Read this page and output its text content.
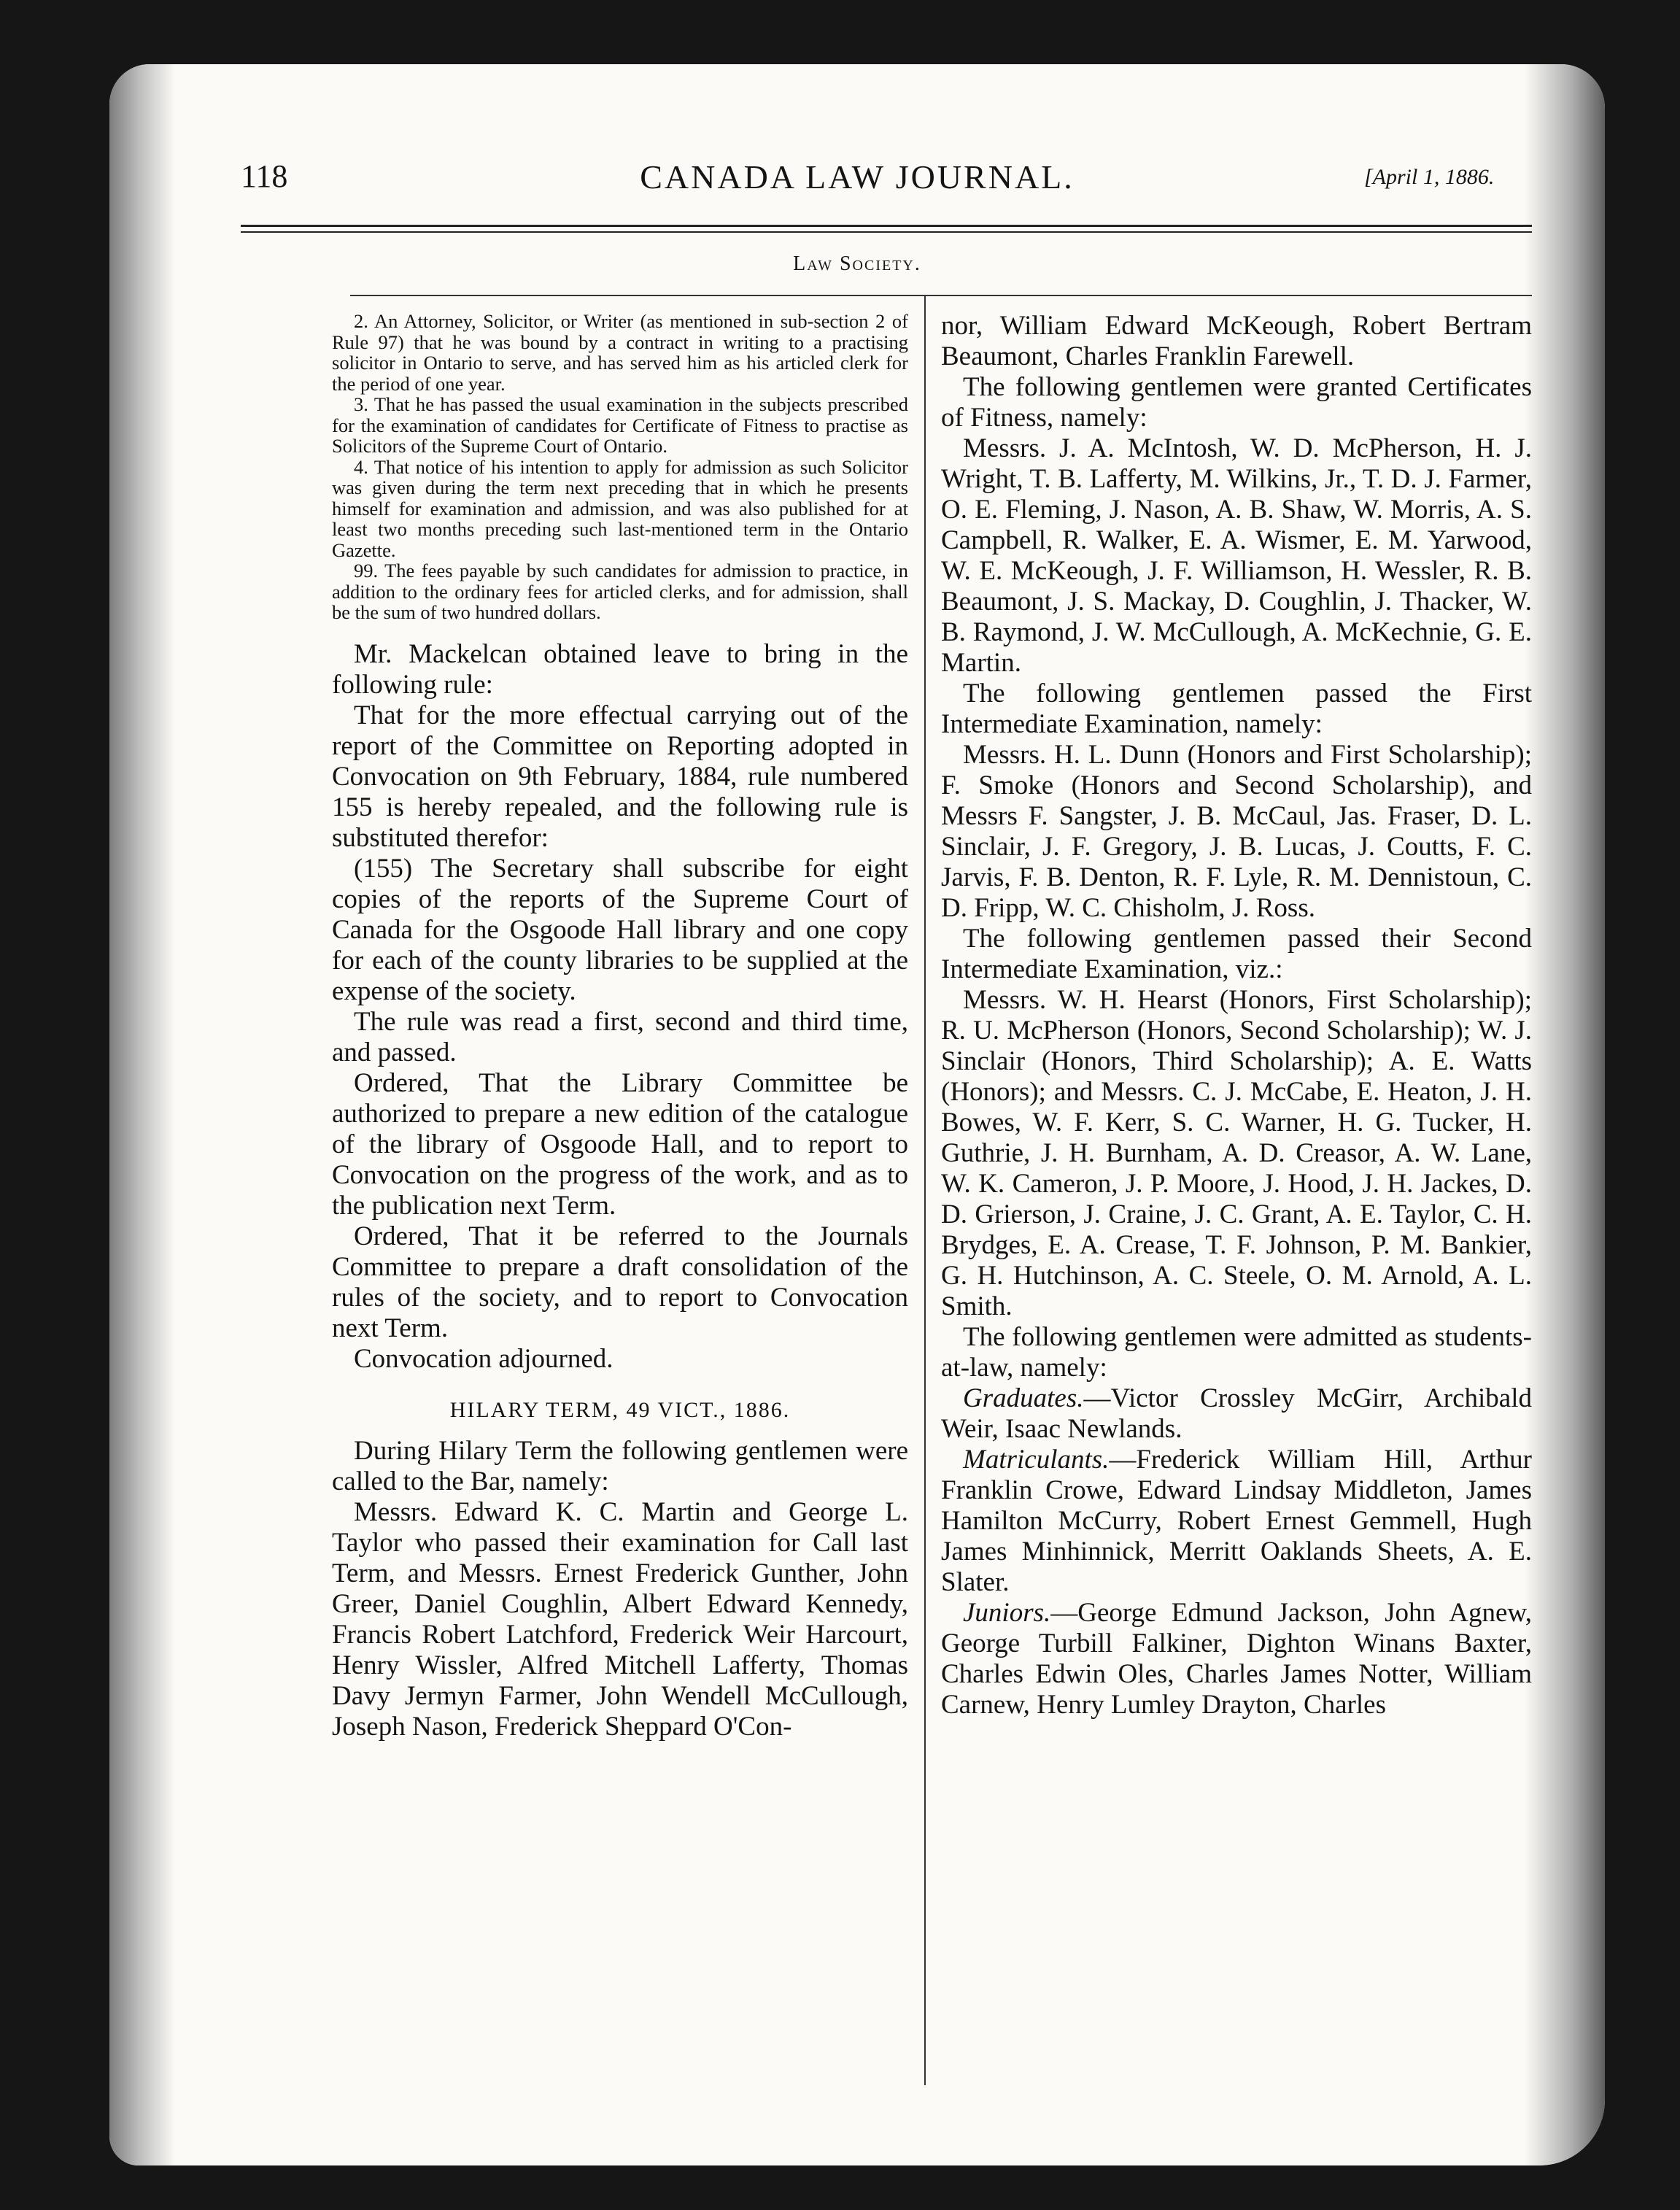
118	CANADA LAW JOURNAL.	[April 1, 1886.
Law Society.

2. An Attorney, Solicitor, or Writer (as mentioned in sub-section 2 of Rule 97) that he was bound by a contract in writing to a practising solicitor in Ontario to serve, and has served him as his articled clerk for the period of one year.

3. That he has passed the usual examination in the subjects prescribed for the examination of candidates for Certificate of Fitness to practise as Solicitors of the Supreme Court of Ontario.

4. That notice of his intention to apply for admission as such Solicitor was given during the term next preceding that in which he presents himself for examination and admission, and was also published for at least two months preceding such last-mentioned term in the Ontario Gazette.

99. The fees payable by such candidates for admission to practice, in addition to the ordinary fees for articled clerks, and for admission, shall be the sum of two hundred dollars.

Mr. Mackelcan obtained leave to bring in the following rule:

That for the more effectual carrying out of the report of the Committee on Reporting adopted in Convocation on 9th February, 1884, rule numbered 155 is hereby repealed, and the following rule is substituted therefor:

(155) The Secretary shall subscribe for eight copies of the reports of the Supreme Court of Canada for the Osgoode Hall library and one copy for each of the county libraries to be supplied at the expense of the society.

The rule was read a first, second and third time, and passed.

Ordered, That the Library Committee be authorized to prepare a new edition of the catalogue of the library of Osgoode Hall, and to report to Convocation on the progress of the work, and as to the publication next Term.

Ordered, That it be referred to the Journals Committee to prepare a draft consolidation of the rules of the society, and to report to Convocation next Term.

Convocation adjourned.

HILARY TERM, 49 VICT., 1886.

During Hilary Term the following gentlemen were called to the Bar, namely:

Messrs. Edward K. C. Martin and George L. Taylor who passed their examination for Call last Term, and Messrs. Ernest Frederick Gunther, John Greer, Daniel Coughlin, Albert Edward Kennedy, Francis Robert Latchford, Frederick Weir Harcourt, Henry Wissler, Alfred Mitchell Lafferty, Thomas Davy Jermyn Farmer, John Wendell McCullough, Joseph Nason, Frederick Sheppard O'Con-

nor, William Edward McKeough, Robert Bertram Beaumont, Charles Franklin Farewell.

The following gentlemen were granted Certificates of Fitness, namely:

Messrs. J. A. McIntosh, W. D. McPherson, H. J. Wright, T. B. Lafferty, M. Wilkins, Jr., T. D. J. Farmer, O. E. Fleming, J. Nason, A. B. Shaw, W. Morris, A. S. Campbell, R. Walker, E. A. Wismer, E. M. Yarwood, W. E. McKeough, J. F. Williamson, H. Wessler, R. B. Beaumont, J. S. Mackay, D. Coughlin, J. Thacker, W. B. Raymond, J. W. McCullough, A. McKechnie, G. E. Martin.

The following gentlemen passed the First Intermediate Examination, namely:

Messrs. H. L. Dunn (Honors and First Scholarship); F. Smoke (Honors and Second Scholarship), and Messrs F. Sangster, J. B. McCaul, Jas. Fraser, D. L. Sinclair, J. F. Gregory, J. B. Lucas, J. Coutts, F. C. Jarvis, F. B. Denton, R. F. Lyle, R. M. Dennistoun, C. D. Fripp, W. C. Chisholm, J. Ross.

The following gentlemen passed their Second Intermediate Examination, viz.:

Messrs. W. H. Hearst (Honors, First Scholarship); R. U. McPherson (Honors, Second Scholarship); W. J. Sinclair (Honors, Third Scholarship); A. E. Watts (Honors); and Messrs. C. J. McCabe, E. Heaton, J. H. Bowes, W. F. Kerr, S. C. Warner, H. G. Tucker, H. Guthrie, J. H. Burnham, A. D. Creasor, A. W. Lane, W. K. Cameron, J. P. Moore, J. Hood, J. H. Jackes, D. D. Grierson, J. Craine, J. C. Grant, A. E. Taylor, C. H. Brydges, E. A. Crease, T. F. Johnson, P. M. Bankier, G. H. Hutchinson, A. C. Steele, O. M. Arnold, A. L. Smith.

The following gentlemen were admitted as students-at-law, namely:

Graduates.—Victor Crossley McGirr, Archibald Weir, Isaac Newlands.

Matriculants.—Frederick William Hill, Arthur Franklin Crowe, Edward Lindsay Middleton, James Hamilton McCurry, Robert Ernest Gemmell, Hugh James Minhinnick, Merritt Oaklands Sheets, A. E. Slater.

Juniors.—George Edmund Jackson, John Agnew, George Turbill Falkiner, Dighton Winans Baxter, Charles Edwin Oles, Charles James Notter, William Carnew, Henry Lumley Drayton, Charles
